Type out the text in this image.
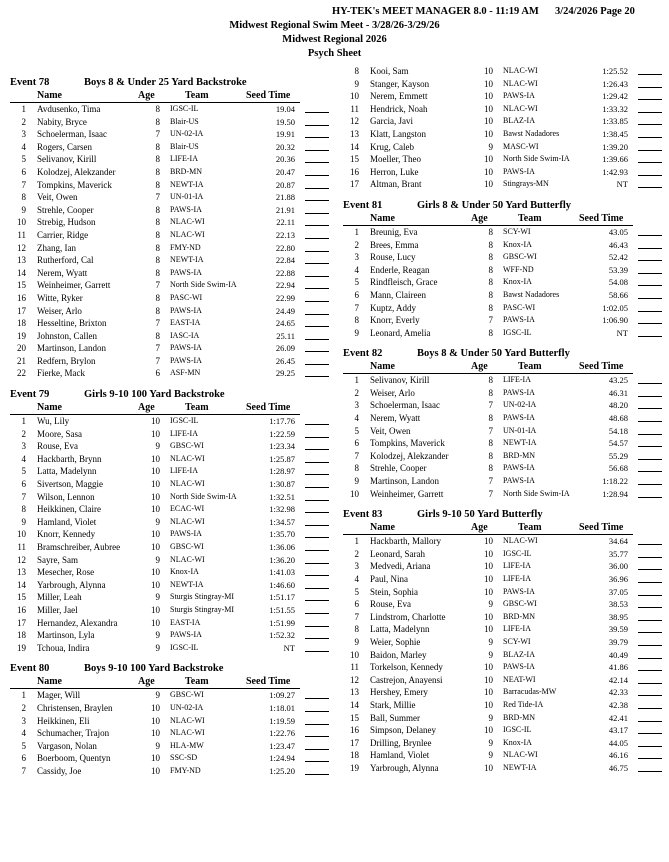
HY-TEK's MEET MANAGER 8.0 - 11:19 AM 3/24/2026 Page 20
Midwest Regional Swim Meet - 3/28/26-3/29/26
Midwest Regional 2026
Psych Sheet
Event 78	Boys 8 & Under 25 Yard Backstroke
Name	Age	Team	Seed Time
1 Avdusenko, Tima	8 IGSC-IL	19.04
2 Nabity, Bryce	8 Blair-US	19.50
3 Schoelerman, Isaac	7 UN-02-IA	19.91
4 Rogers, Carsen	8 Blair-US	20.32
5 Selivanov, Kirill	8 LIFE-IA	20.36
6 Kolodzej, Alekzander	8 BRD-MN	20.47
7 Tompkins, Maverick	8 NEWT-IA	20.87
8 Veit, Owen	7 UN-01-IA	21.88
9 Strehle, Cooper	8 PAWS-IA	21.91
10 Strebig, Hudson	8 NLAC-WI	22.11
11 Carrier, Ridge	8 NLAC-WI	22.13
12 Zhang, Ian	8 FMY-ND	22.80
13 Rutherford, Cal	8 NEWT-IA	22.84
14 Nerem, Wyatt	8 PAWS-IA	22.88
15 Weinheimer, Garrett	7 North Side Swim-IA	22.94
16 Witte, Ryker	8 PASC-WI	22.99
17 Weiser, Arlo	8 PAWS-IA	24.49
18 Hesseltine, Brixton	7 EAST-IA	24.65
19 Johnston, Callen	8 IASC-IA	25.11
20 Martinson, Landon	7 PAWS-IA	26.09
21 Redfern, Brylon	7 PAWS-IA	26.45
22 Fierke, Mack	6 ASF-MN	29.25
Event 79	Girls 9-10 100 Yard Backstroke
Name	Age	Team	Seed Time
1 Wu, Lily	10 IGSC-IL	1:17.76
2 Moore, Sasa	10 LIFE-IA	1:22.59
3 Rouse, Eva	9 GBSC-WI	1:23.34
4 Hackbarth, Brynn	10 NLAC-WI	1:25.87
5 Latta, Madelynn	10 LIFE-IA	1:28.97
6 Sivertson, Maggie	10 NLAC-WI	1:30.87
7 Wilson, Lennon	10 North Side Swim-IA	1:32.51
8 Heikkinen, Claire	10 ECAC-WI	1:32.98
9 Hamland, Violet	9 NLAC-WI	1:34.57
10 Knorr, Kennedy	10 PAWS-IA	1:35.70
11 Bramschreiber, Aubree	10 GBSC-WI	1:36.06
12 Sayre, Sam	9 NLAC-WI	1:36.20
13 Mesecher, Rose	10 Knox-IA	1:41.03
14 Yarbrough, Alynna	10 NEWT-IA	1:46.60
15 Miller, Leah	9 Sturgis Stingray-MI	1:51.17
16 Miller, Jael	10 Sturgis Stingray-MI	1:51.55
17 Hernandez, Alexandra	10 EAST-IA	1:51.99
18 Martinson, Lyla	9 PAWS-IA	1:52.32
19 Tchoua, Indira	9 IGSC-IL	NT
Event 80	Boys 9-10 100 Yard Backstroke
Name	Age	Team	Seed Time
1 Mager, Will	9 GBSC-WI	1:09.27
2 Christensen, Braylen	10 UN-02-IA	1:18.01
3 Heikkinen, Eli	10 NLAC-WI	1:19.59
4 Schumacher, Trajon	10 NLAC-WI	1:22.76
5 Vargason, Nolan	9 HLA-MW	1:23.47
6 Boerboom, Quentyn	10 SSC-SD	1:24.94
7 Cassidy, Joe	10 FMY-ND	1:25.20
8 Kooi, Sam	10 NLAC-WI	1:25.52
9 Stanger, Kayson	10 NLAC-WI	1:26.43
10 Nerem, Emmett	10 PAWS-IA	1:29.42
11 Hendrick, Noah	10 NLAC-WI	1:33.32
12 Garcia, Javi	10 BLAZ-IA	1:33.85
13 Klatt, Langston	10 Bawst Nadadores	1:38.45
14 Krug, Caleb	9 MASC-WI	1:39.20
15 Moeller, Theo	10 North Side Swim-IA	1:39.66
16 Herron, Luke	10 PAWS-IA	1:42.93
17 Altman, Brant	10 Stingrays-MN	NT
Event 81	Girls 8 & Under 50 Yard Butterfly
Name	Age	Team	Seed Time
1 Breunig, Eva	8 SCY-WI	43.05
2 Brees, Emma	8 Knox-IA	46.43
3 Rouse, Lucy	8 GBSC-WI	52.42
4 Enderle, Reagan	8 WFF-ND	53.39
5 Rindfleisch, Grace	8 Knox-IA	54.08
6 Mann, Claireen	8 Bawst Nadadores	58.66
7 Kuptz, Addy	8 PASC-WI	1:02.05
8 Knorr, Everly	7 PAWS-IA	1:06.90
9 Leonard, Amelia	8 IGSC-IL	NT
Event 82	Boys 8 & Under 50 Yard Butterfly
Name	Age	Team	Seed Time
1 Selivanov, Kirill	8 LIFE-IA	43.25
2 Weiser, Arlo	8 PAWS-IA	46.31
3 Schoelerman, Isaac	7 UN-02-IA	48.20
4 Nerem, Wyatt	8 PAWS-IA	48.68
5 Veit, Owen	7 UN-01-IA	54.18
6 Tompkins, Maverick	8 NEWT-IA	54.57
7 Kolodzej, Alekzander	8 BRD-MN	55.29
8 Strehle, Cooper	8 PAWS-IA	56.68
9 Martinson, Landon	7 PAWS-IA	1:18.22
10 Weinheimer, Garrett	7 North Side Swim-IA	1:28.94
Event 83	Girls 9-10 50 Yard Butterfly
Name	Age	Team	Seed Time
1 Hackbarth, Mallory	10 NLAC-WI	34.64
2 Leonard, Sarah	10 IGSC-IL	35.77
3 Medvedi, Ariana	10 LIFE-IA	36.00
4 Paul, Nina	10 LIFE-IA	36.96
5 Stein, Sophia	10 PAWS-IA	37.05
6 Rouse, Eva	9 GBSC-WI	38.53
7 Lindstrom, Charlotte	10 BRD-MN	38.95
8 Latta, Madelynn	10 LIFE-IA	39.59
9 Weier, Sophie	9 SCY-WI	39.79
10 Baidon, Marley	9 BLAZ-IA	40.49
11 Torkelson, Kennedy	10 PAWS-IA	41.86
12 Castrejon, Anayensi	10 NEAT-WI	42.14
13 Hershey, Emery	10 Barracudas-MW	42.33
14 Stark, Millie	10 Red Tide-IA	42.38
15 Ball, Summer	9 BRD-MN	42.41
16 Simpson, Delaney	10 IGSC-IL	43.17
17 Drilling, Brynlee	9 Knox-IA	44.05
18 Hamland, Violet	9 NLAC-WI	46.16
19 Yarbrough, Alynna	10 NEWT-IA	46.75
